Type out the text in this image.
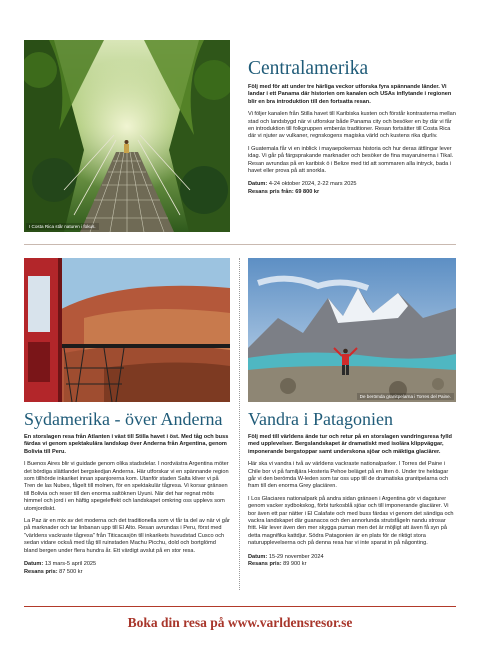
I Costa Rica står naturen i fokus.
Centralamerika

Följ med för att under tre härliga veckor utforska fyra spännande länder. Vi landar i ett Panama där historien om kanalen och USAs inflytande i regionen blir en bra introduktion till den fortsatta resan.

Vi följer kanalen från Stilla havet till Karibiska kusten och förstår kontrasterna mellan stad och landsbygd när vi utforskar både Panama city och besöker en by där vi får en introduktion till folkgruppen emberás traditioner. Resan fortsätter till Costa Rica där vi njuter av vulkaner, regnskogens magiska värld och kustens rika djurliv.

I Guatemala får vi en inblick i mayaepokernas historia och hur deras ättlingar lever idag. Vi går på färgsprakande marknader och besöker de fina mayaruinerna i Tikal. Resan avrundas på en karibisk ö i Belize med tid att sommaren alla intryck, bada i havet eller prova på att snorkla.

Datum: 4-24 oktober 2024, 2-22 mars 2025
Resans pris från: 69 800 kr

De berömda granitpelarna i Torres del Paine.
Sydamerika - över Anderna

En storslagen resa från Atlanten i väst till Stilla havet i öst. Med tåg och buss färdas vi genom spektakulära landskap över Anderna från Argentina, genom Bolivia till Peru.

I Buenos Aires blir vi guidade genom olika stadsdelar. I nordvästra Argentina möter det bördiga slättlandet bergskedjan Anderna. Här utforskar vi en spännande region som tillhörde inkariket innan spanjorerna kom. Utanför staden Salta kliver vi på Tren de las Nubes, fågelt till molnen, för en spektakulär tågresa. Vi korsar gränsen till Bolivia och reser till den enorma saltöknen Uyuni. När det har regnat möts himmel och jord i en häftig spegeleffekt och landskapet omkring oss upplevs som utomjordiskt.

La Paz är en mix av det moderna och det traditionella som vi får ta del av när vi går på marknader och tar linbanan upp till El Alto. Resan avrundas i Peru, först med "världens vackraste tågresa" från Titicacasjön till inkarikets huvudstad Cusco och sedan vidare också med tåg till ruinstaden Machu Picchu, dold och bortglömd bland bergen under flera hundra år. Ett värdigt avslut på en stor resa.

Datum: 13 mars-5 april 2025
Resans pris: 87 500 kr

Vandra i Patagonien

Följ med till världens ände tur och retur på en storslagen vandringsresa fylld med upplevelser. Bergslandskapet är dramatiskt med isolära klippväggar, imponerande bergstoppar samt underskona sjöar och mäktiga glaciärer.

Här ska vi vandra i två av världens vackraste nationalparker. I Torres del Paine i Chile bor vi på familjära Hosteria Pehoe beläget på en liten ö. Under tre heldagar går vi den berömda W-leden som tar oss upp till de dramatiska granitpelarna och fram till den enorma Grey glaciären.

I Los Glaciares nationalpark på andra sidan gränsen i Argentina gör vi dagsturer genom vacker sydbokskog, förbi turkosblå sjöar och till imponerande glaciärer. Vi bor även ett par nätter i El Calafate och med buss färdas vi genom det sändiga och vackra landskapet där guanacos och den annorlunda strutsfågeln nandu strosar fritt. Här lever även den mer skygga puman men det är möjligt att även få syn på detta magnifika kattdjur. Södra Patagonien är en plats för de riktigt stora naturupplevelserna och på denna resa har vi inte sparat in på någonting.

Datum: 15-29 november 2024
Resans pris: 89 900 kr

Boka din resa på www.varldensresor.se
